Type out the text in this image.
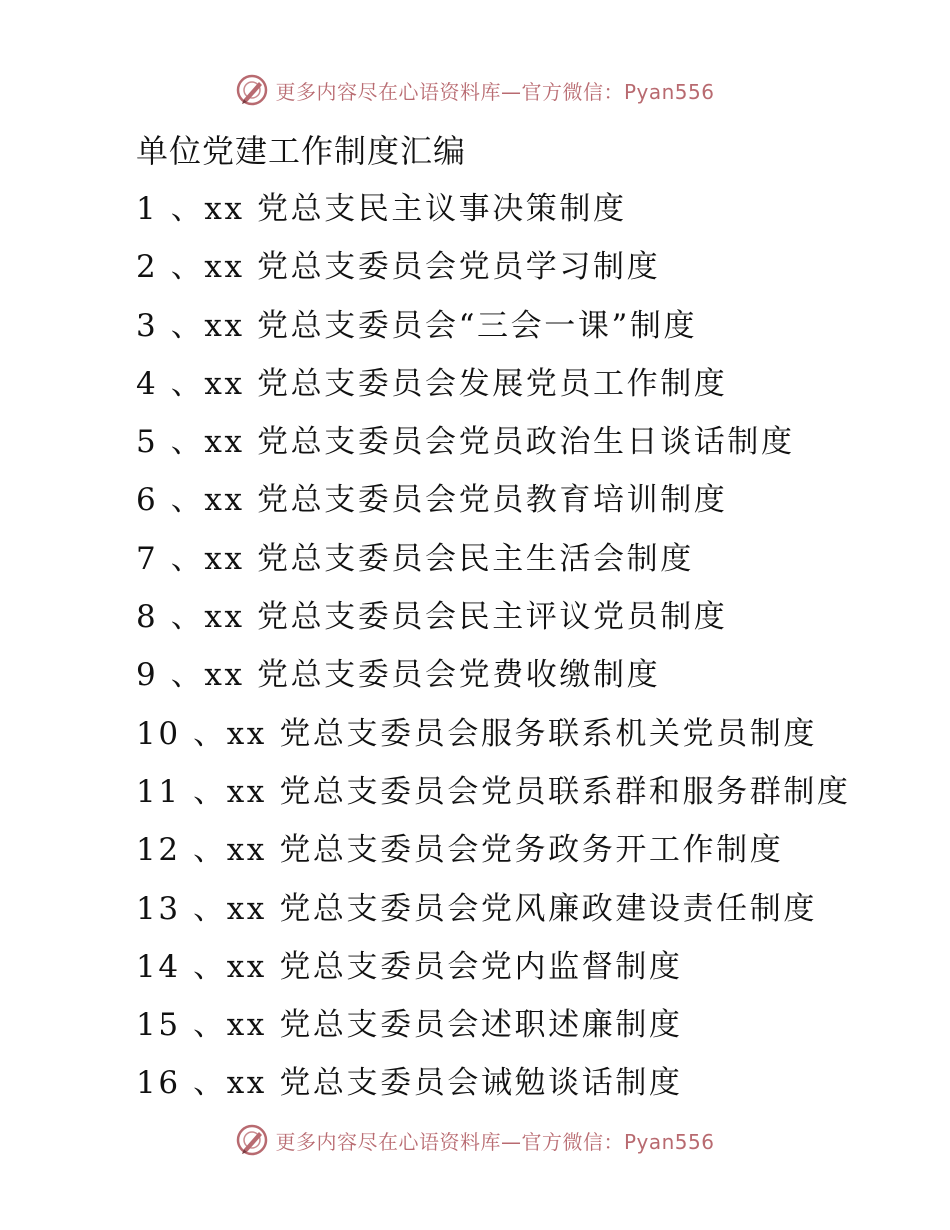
更多内容尽在心语资料库—官方微信：Pyan556
单位党建工作制度汇编
1 、xx 党总支民主议事决策制度
2 、xx 党总支委员会党员学习制度
3 、xx 党总支委员会“三会一课”制度
4 、xx 党总支委员会发展党员工作制度
5 、xx 党总支委员会党员政治生日谈话制度
6 、xx 党总支委员会党员教育培训制度
7 、xx 党总支委员会民主生活会制度
8 、xx 党总支委员会民主评议党员制度
9 、xx 党总支委员会党费收缴制度
10 、xx 党总支委员会服务联系机关党员制度
11 、xx 党总支委员会党员联系群和服务群制度
12 、xx 党总支委员会党务政务开工作制度
13 、xx 党总支委员会党风廉政建设责任制度
14 、xx 党总支委员会党内监督制度
15 、xx 党总支委员会述职述廉制度
16 、xx 党总支委员会诫勉谈话制度
更多内容尽在心语资料库—官方微信：Pyan556
